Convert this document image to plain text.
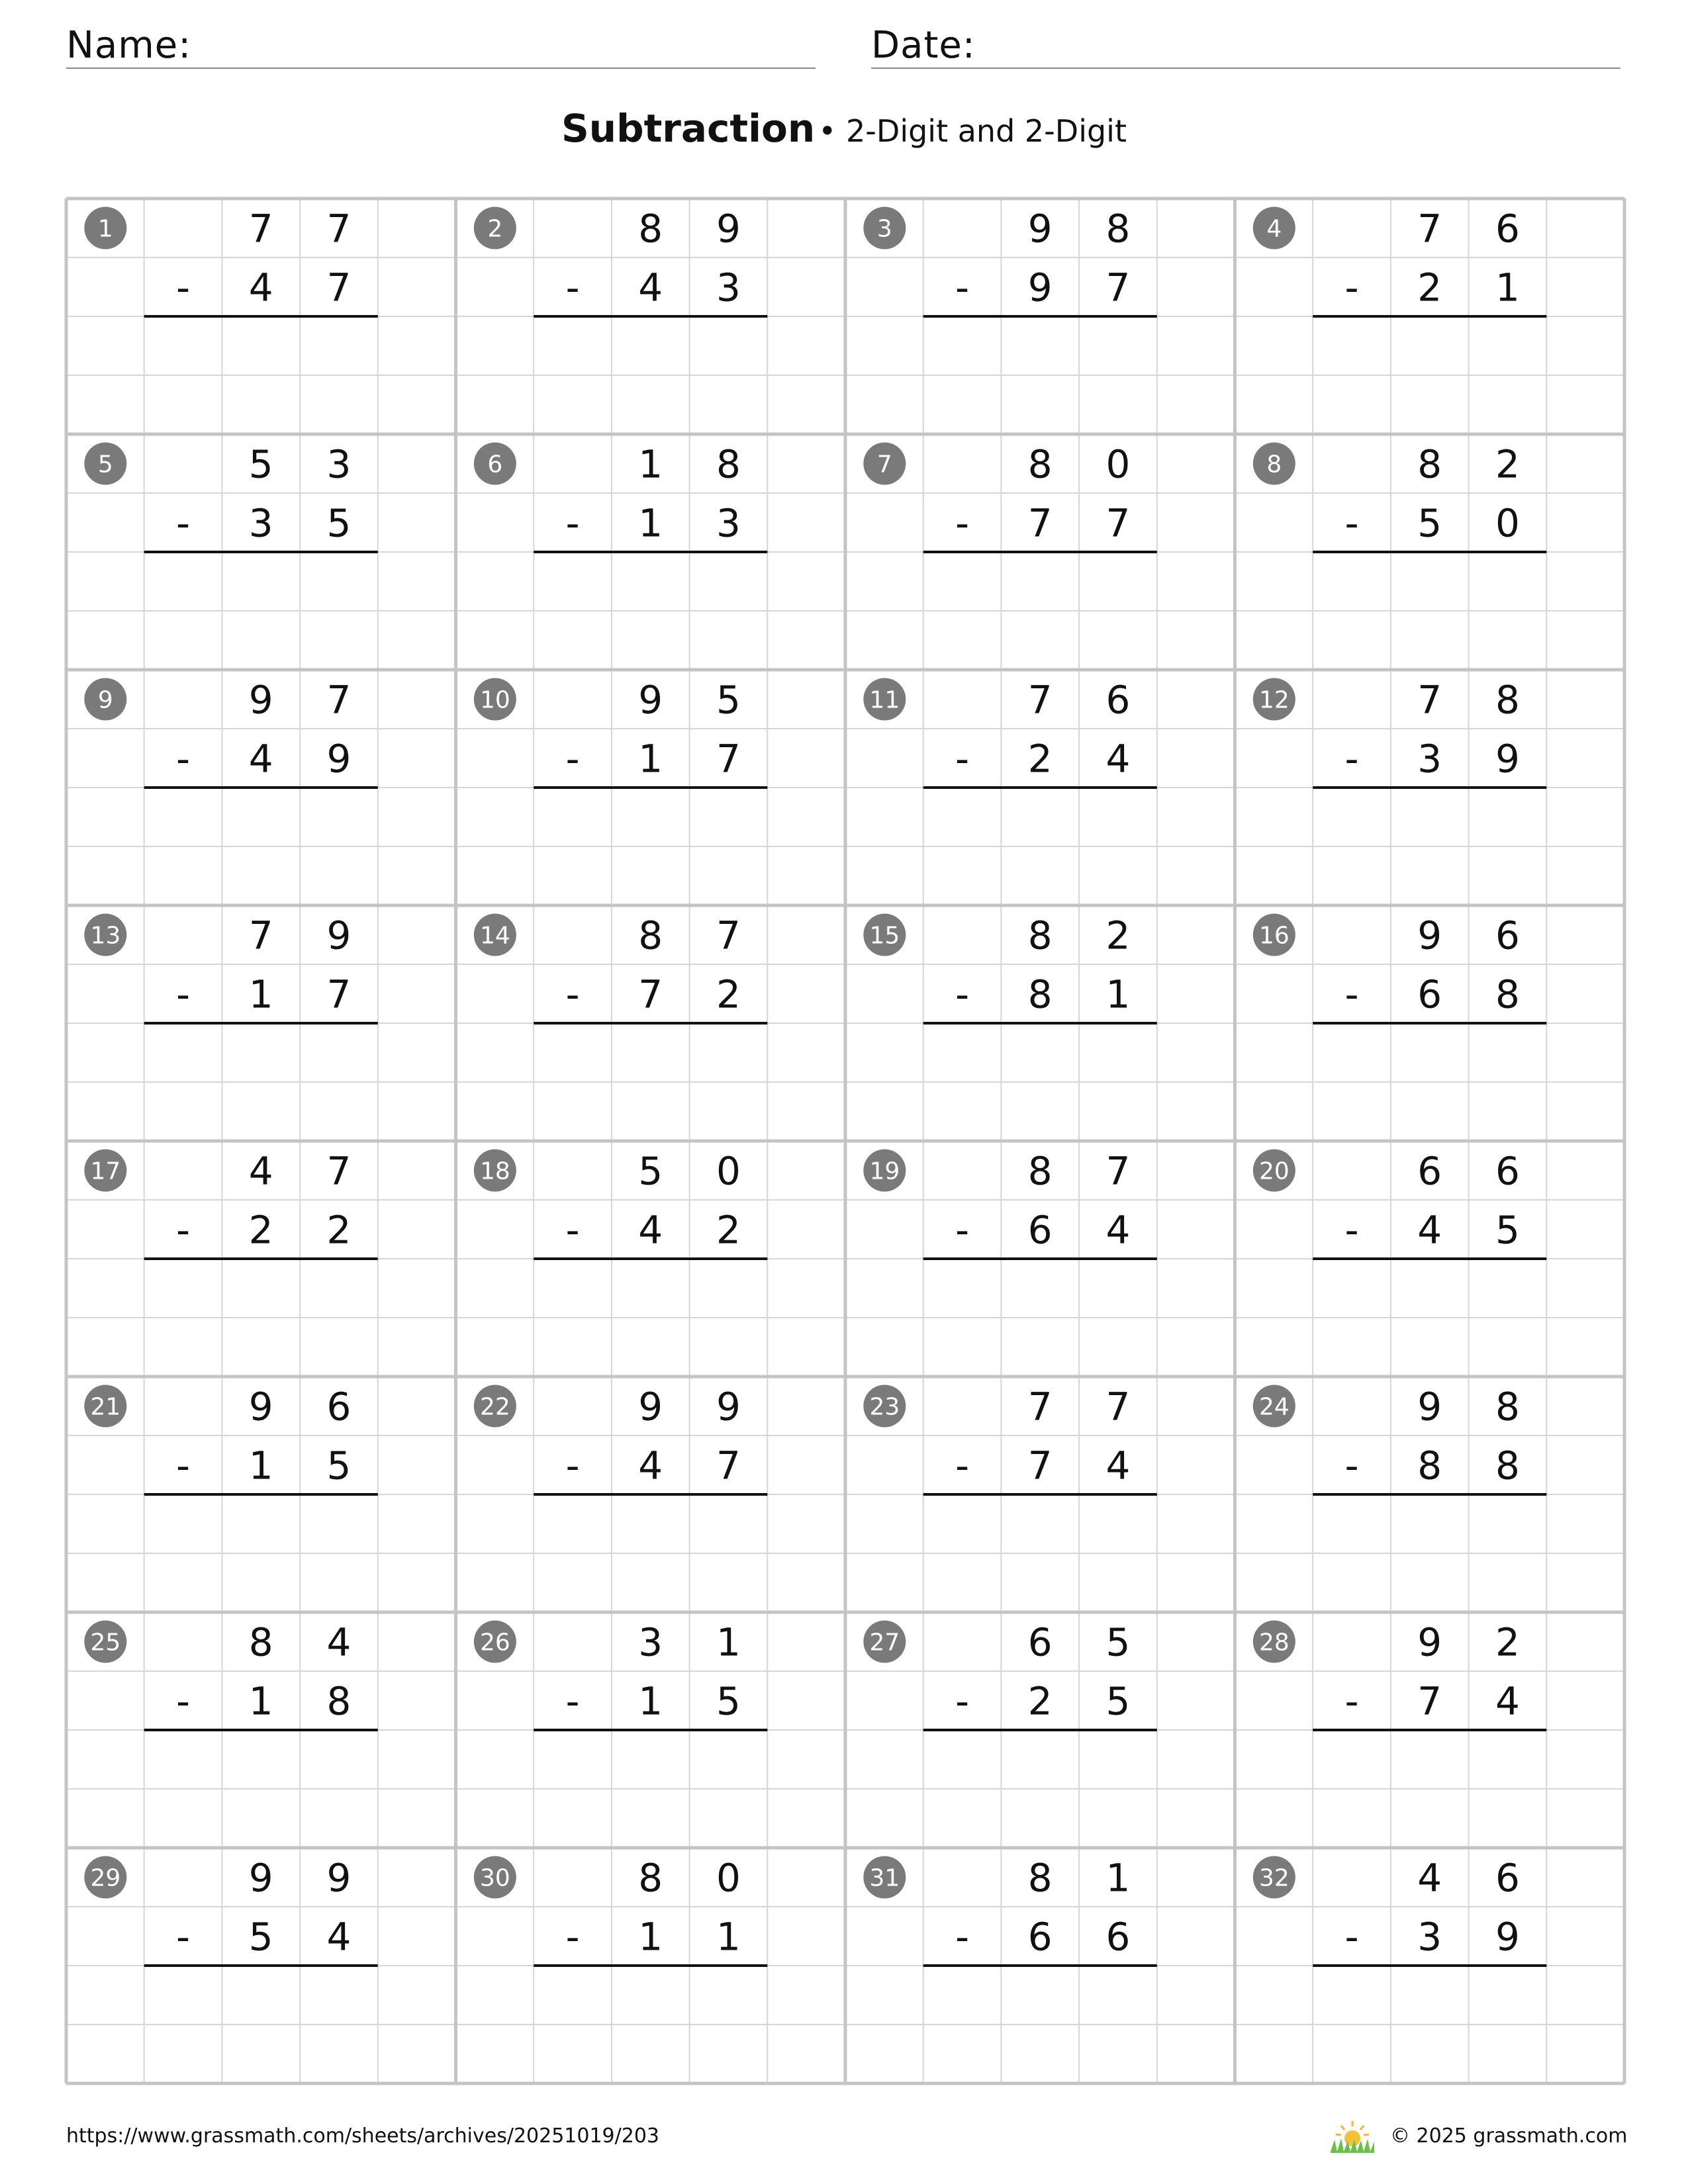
Name:	Date:
Subtraction • 2-Digit and 2-Digit
1	7 7
- 4 7
2	8 9
- 4 3
3	9 8
- 9 7
4	7 6
- 2 1
5	5 3
- 3 5
6	1 8
- 1 3
7	8 0
- 7 7
8	8 2
- 5 0
9	9 7
- 4 9
10	9 5
- 1 7
11	7 6
- 2 4
12	7 8
- 3 9
13	7 9
- 1 7
14	8 7
- 7 2
15	8 2
- 8 1
16	9 6
- 6 8
17	4 7
- 2 2
18	5 0
- 4 2
19	8 7
- 6 4
20	6 6
- 4 5
21	9 6
- 1 5
22	9 9
- 4 7
23	7 7
- 7 4
24	9 8
- 8 8
25	8 4
- 1 8
26	3 1
- 1 5
27	6 5
- 2 5
28	9 2
- 7 4
29	9 9
- 5 4
30	8 0
- 1 1
31	8 1
- 6 6
32	4 6
- 3 9
https://www.grassmath.com/sheets/archives/20251019/203	© 2025 grassmath.com
